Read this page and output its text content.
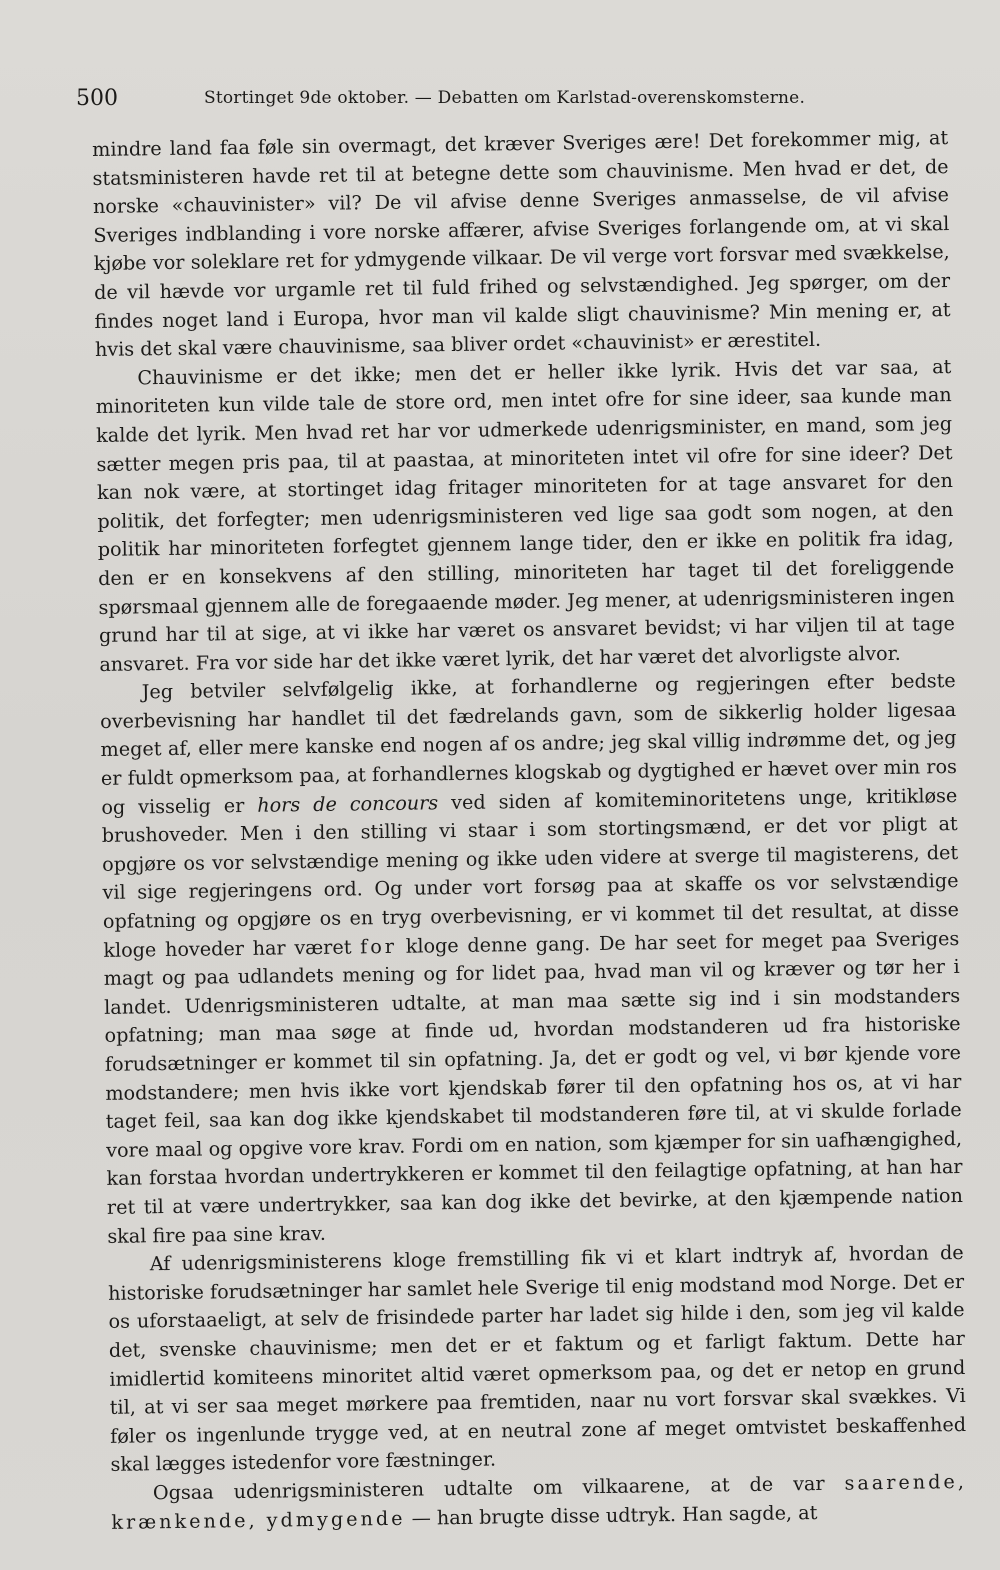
500	Stortinget 9de oktober. — Debatten om Karlstad-overenskomsterne.

mindre land faa føle sin overmagt, det kræver Sveriges ære! Det forekommer mig, at statsministeren havde ret til at betegne dette som chauvinisme. Men hvad er det, de norske «chauvinister» vil? De vil afvise denne Sveriges anmasselse, de vil afvise Sveriges indblanding i vore norske affærer, afvise Sveriges forlangende om, at vi skal kjøbe vor soleklare ret for ydmygende vilkaar. De vil verge vort forsvar med svækkelse, de vil hævde vor urgamle ret til fuld frihed og selvstændighed. Jeg spørger, om der findes noget land i Europa, hvor man vil kalde sligt chauvinisme? Min mening er, at hvis det skal være chauvinisme, saa bliver ordet «chauvinist» er ærestitel.

Chauvinisme er det ikke; men det er heller ikke lyrik. Hvis det var saa, at minoriteten kun vilde tale de store ord, men intet ofre for sine ideer, saa kunde man kalde det lyrik. Men hvad ret har vor udmerkede udenrigsminister, en mand, som jeg sætter megen pris paa, til at paastaa, at minoriteten intet vil ofre for sine ideer? Det kan nok være, at stortinget idag fritager minoriteten for at tage ansvaret for den politik, det forfegter; men udenrigsministeren ved lige saa godt som nogen, at den politik har minoriteten forfegtet gjennem lange tider, den er ikke en politik fra idag, den er en konsekvens af den stilling, minoriteten har taget til det foreliggende spørsmaal gjennem alle de foregaaende møder. Jeg mener, at udenrigsministeren ingen grund har til at sige, at vi ikke har været os ansvaret bevidst; vi har viljen til at tage ansvaret. Fra vor side har det ikke været lyrik, det har været det alvorligste alvor.

Jeg betviler selvfølgelig ikke, at forhandlerne og regjeringen efter bedste overbevisning har handlet til det fædrelands gavn, som de sikkerlig holder ligesaa meget af, eller mere kanske end nogen af os andre; jeg skal villig indrømme det, og jeg er fuldt opmerksom paa, at forhandlernes klogskab og dygtighed er hævet over min ros og visselig er hors de concours ved siden af komiteminoritetens unge, kritikløse brushoveder. Men i den stilling vi staar i som stortingsmænd, er det vor pligt at opgjøre os vor selvstændige mening og ikke uden videre at sverge til magisterens, det vil sige regjeringens ord. Og under vort forsøg paa at skaffe os vor selvstændige opfatning og opgjøre os en tryg overbevisning, er vi kommet til det resultat, at disse kloge hoveder har været for kloge denne gang. De har seet for meget paa Sveriges magt og paa udlandets mening og for lidet paa, hvad man vil og kræver og tør her i landet. Udenrigsministeren udtalte, at man maa sætte sig ind i sin modstanders opfatning; man maa søge at finde ud, hvordan modstanderen ud fra historiske forudsætninger er kommet til sin opfatning. Ja, det er godt og vel, vi bør kjende vore modstandere; men hvis ikke vort kjendskab fører til den opfatning hos os, at vi har taget feil, saa kan dog ikke kjendskabet til modstanderen føre til, at vi skulde forlade vore maal og opgive vore krav. Fordi om en nation, som kjæmper for sin uafhængighed, kan forstaa hvordan undertrykkeren er kommet til den feilagtige opfatning, at han har ret til at være undertrykker, saa kan dog ikke det bevirke, at den kjæmpende nation skal fire paa sine krav.

Af udenrigsministerens kloge fremstilling fik vi et klart indtryk af, hvordan de historiske forudsætninger har samlet hele Sverige til enig modstand mod Norge. Det er os uforstaaeligt, at selv de frisindede parter har ladet sig hilde i den, som jeg vil kalde det, svenske chauvinisme; men det er et faktum og et farligt faktum. Dette har imidlertid komiteens minoritet altid været opmerksom paa, og det er netop en grund til, at vi ser saa meget mørkere paa fremtiden, naar nu vort forsvar skal svækkes. Vi føler os ingenlunde trygge ved, at en neutral zone af meget omtvistet beskaffenhed skal lægges istedenfor vore fæstninger.

Ogsaa udenrigsministeren udtalte om vilkaarene, at de var saarende, krænkende, ydmygende — han brugte disse udtryk. Han sagde, at
